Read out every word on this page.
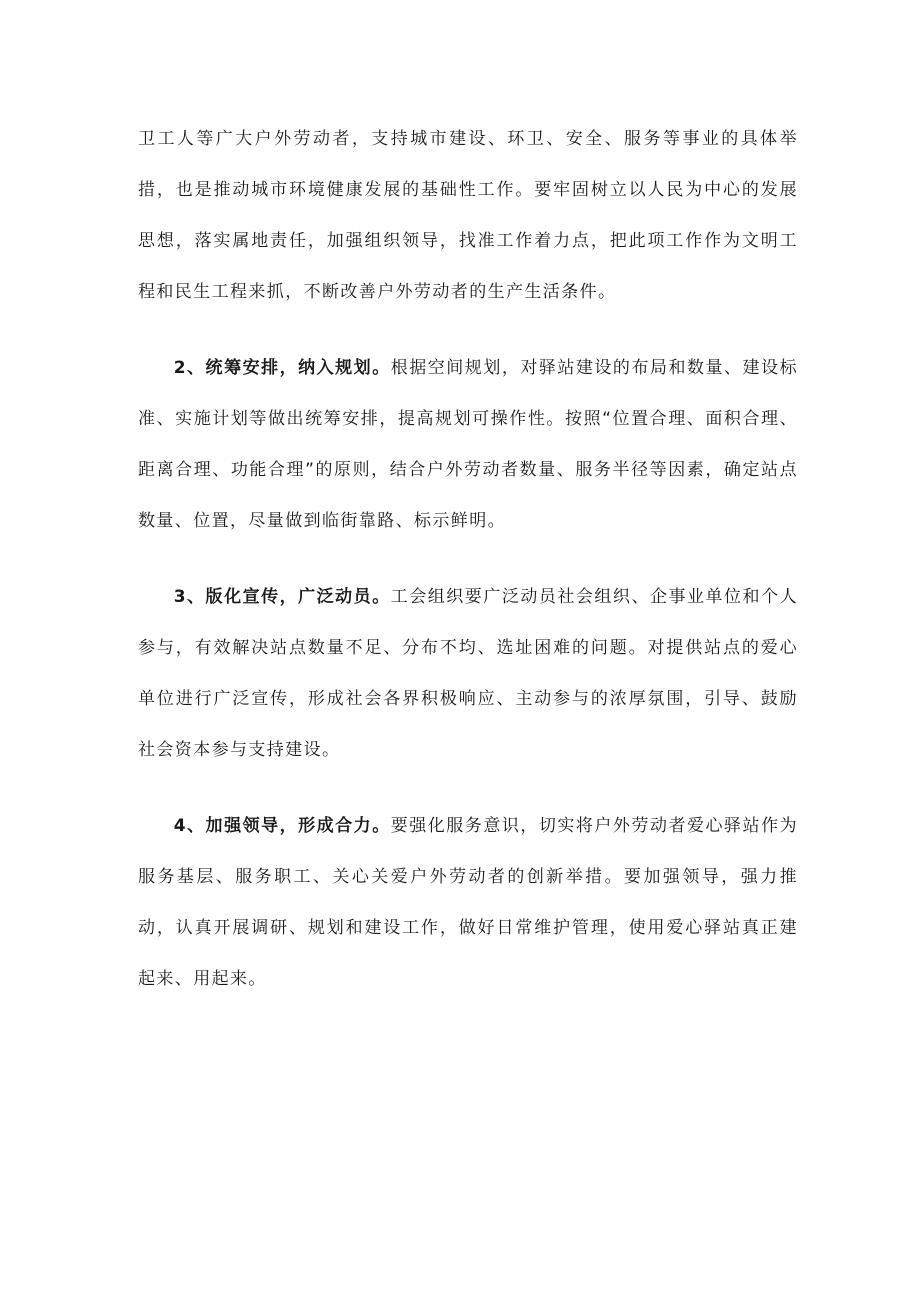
卫工人等广大户外劳动者，支持城市建设、环卫、安全、服务等事业的具体举措，也是推动城市环境健康发展的基础性工作。要牢固树立以人民为中心的发展思想，落实属地责任，加强组织领导，找准工作着力点，把此项工作作为文明工程和民生工程来抓，不断改善户外劳动者的生产生活条件。

2、统筹安排，纳入规划。根据空间规划，对驿站建设的布局和数量、建设标准、实施计划等做出统筹安排，提高规划可操作性。按照“位置合理、面积合理、距离合理、功能合理”的原则，结合户外劳动者数量、服务半径等因素，确定站点数量、位置，尽量做到临街靠路、标示鲜明。

3、版化宣传，广泛动员。工会组织要广泛动员社会组织、企事业单位和个人参与，有效解决站点数量不足、分布不均、选址困难的问题。对提供站点的爱心单位进行广泛宣传，形成社会各界积极响应、主动参与的浓厚氛围，引导、鼓励社会资本参与支持建设。

4、加强领导，形成合力。要强化服务意识，切实将户外劳动者爱心驿站作为服务基层、服务职工、关心关爱户外劳动者的创新举措。要加强领导，强力推动，认真开展调研、规划和建设工作，做好日常维护管理，使用爱心驿站真正建起来、用起来。
